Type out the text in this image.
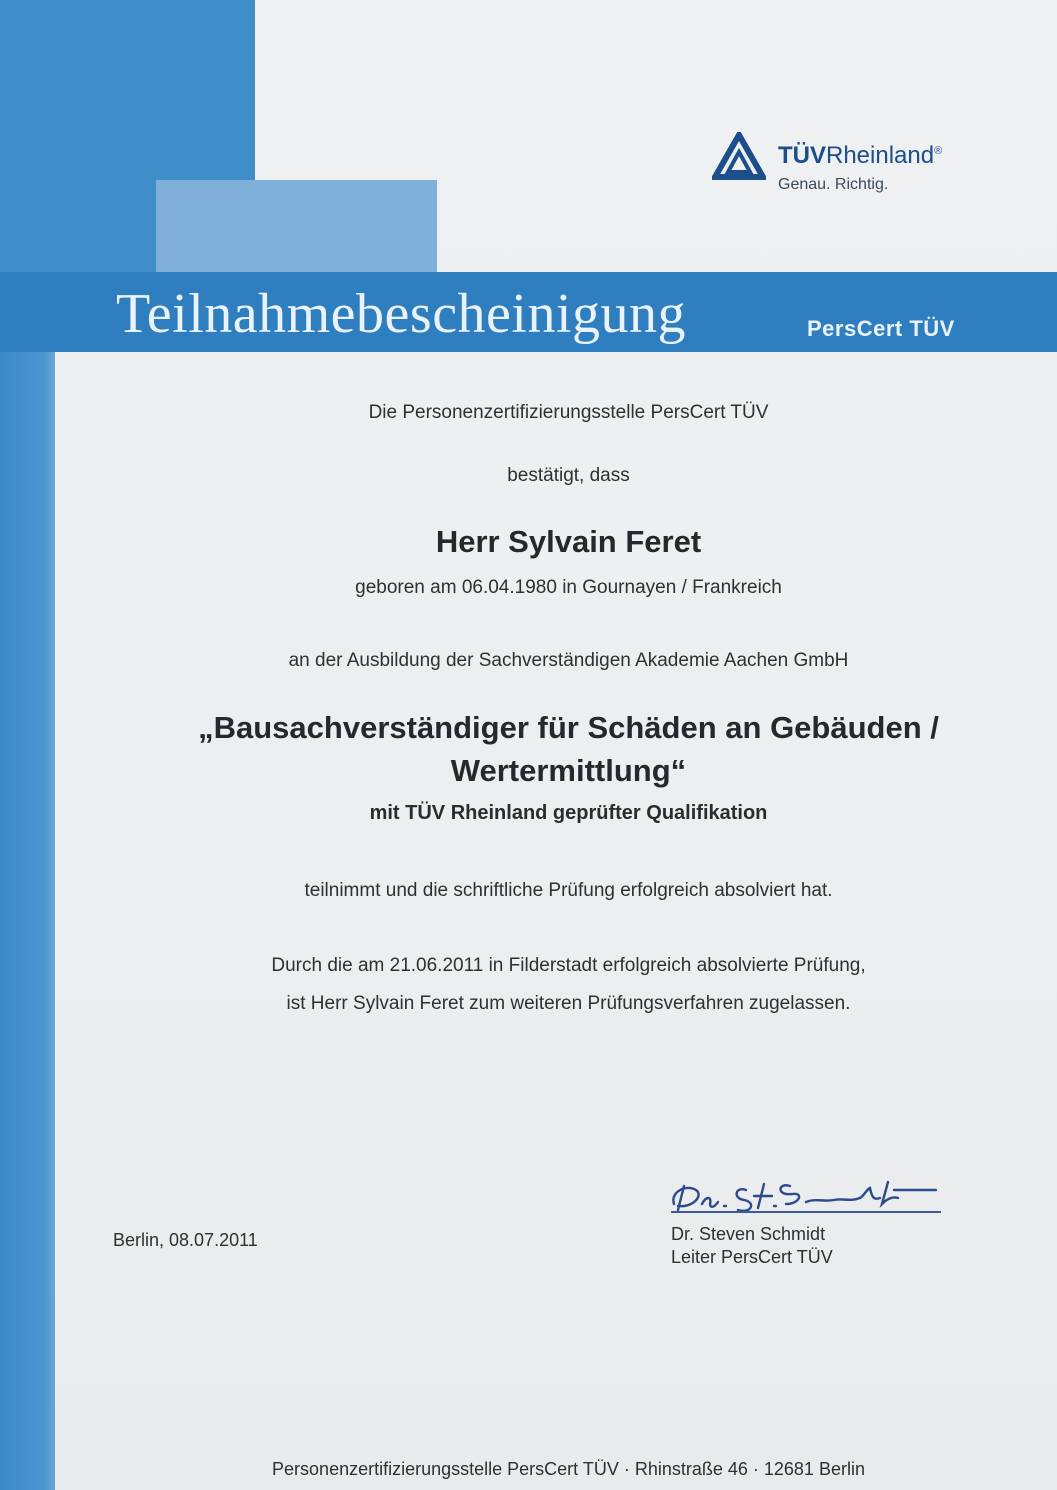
TÜVRheinland®
Genau. Richtig.
Teilnahmebescheinigung	PersCert TÜV
Die Personenzertifizierungsstelle PersCert TÜV
bestätigt, dass
Herr Sylvain Feret
geboren am 06.04.1980 in Gournayen / Frankreich
an der Ausbildung der Sachverständigen Akademie Aachen GmbH
„Bausachverständiger für Schäden an Gebäuden /
Wertermittlung“
mit TÜV Rheinland geprüfter Qualifikation
teilnimmt und die schriftliche Prüfung erfolgreich absolviert hat.
Durch die am 21.06.2011 in Filderstadt erfolgreich absolvierte Prüfung,
ist Herr Sylvain Feret zum weiteren Prüfungsverfahren zugelassen.
Berlin, 08.07.2011	Dr. Steven Schmidt
Leiter PersCert TÜV
Personenzertifizierungsstelle PersCert TÜV · Rhinstraße 46 · 12681 Berlin
